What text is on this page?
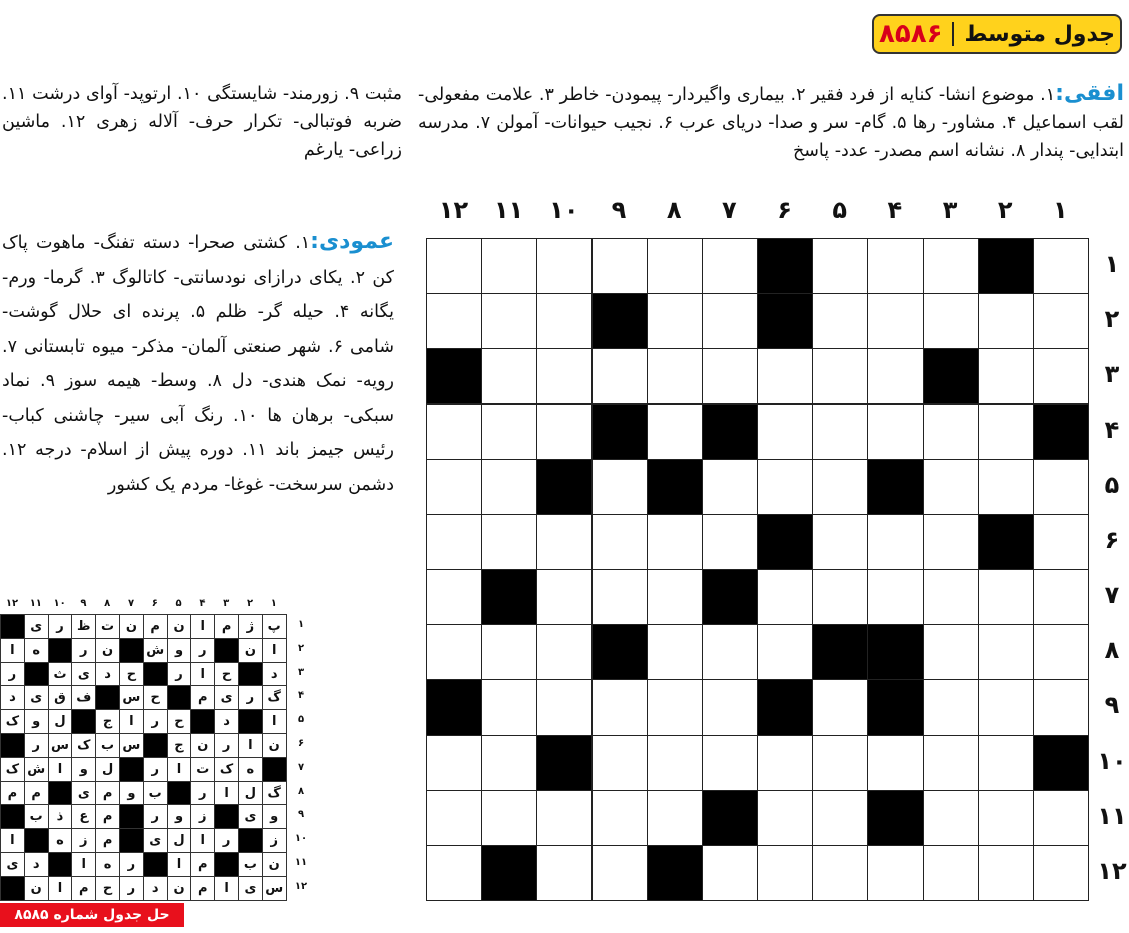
جدول متوسط
۸۵۸۶
افقی:۱. موضوع انشا- کنایه از فرد فقیر ۲. بیماری واگیردار- پیمودن- خاطر ۳. علامت مفعولی- لقب اسماعیل ۴. مشاور- رها ۵. گام- سر و صدا- دریای عرب ۶. نجیب حیوانات- آمولن ۷. مدرسه ابتدایی- پندار ۸. نشانه اسم مصدر- عدد- پاسخ
مثبت ۹. زورمند- شایستگی ۱۰. ارتوپد- آوای درشت ۱۱. ضربه فوتبالی- تکرار حرف- آلاله زهری ۱۲. ماشین زراعی- یارغم
عمودی:۱. کشتی صحرا- دسته تفنگ- ماهوت پاک کن ۲. یکای درازای نودسانتی- کاتالوگ ۳. گرما- ورم- یگانه ۴. حیله گر- ظلم ۵. پرنده ای حلال گوشت- شامی ۶. شهر صنعتی آلمان- مذکر- میوه تابستانی ۷. رویه- نمک هندی- دل ۸. وسط- هیمه سوز ۹. نماد سبکی- برهان ها ۱۰. رنگ آبی سیر- چاشنی کباب- رئیس جیمز باند ۱۱. دوره پیش از اسلام- درجه ۱۲. دشمن سرسخت- غوغا- مردم یک کشور
۱
۲
۳
۴
۵
۶
۷
۸
۹
۱۰
۱۱
۱۲
۱
۲
۳
۴
۵
۶
۷
۸
۹
۱۰
۱۱
۱۲
۱
۲
۳
۴
۵
۶
۷
۸
۹
۱۰
۱۱
۱۲
۱
۲
۳
۴
۵
۶
۷
۸
۹
۱۰
۱۱
۱۲
پ
ژ
م
ا
ن
م
ن
ت
ظ
ر
ی
ا
ن
ر
و
ش
ن
ر
ه
ا
د
ح
ا
ر
ح
د
ی
ث
ر
گ
ر
ی
م
ح
س
ف
ق
ی
د
ا
د
ح
ر
ا
ج
ل
و
ک
ن
ا
ر
ن
ج
س
ب
ک
س
ر
ه
ک
ت
ا
ر
ل
و
ا
ش
ک
گ
ل
ا
ر
ب
و
م
ی
م
م
و
ی
ز
و
ر
م
ع
ذ
ب
ز
ر
ا
ل
ی
م
ز
ه
ا
ن
ب
م
ا
ر
ه
ا
د
ی
س
ی
ا
م
ن
د
ر
ح
م
ا
ن
حل جدول شماره ۸۵۸۵
